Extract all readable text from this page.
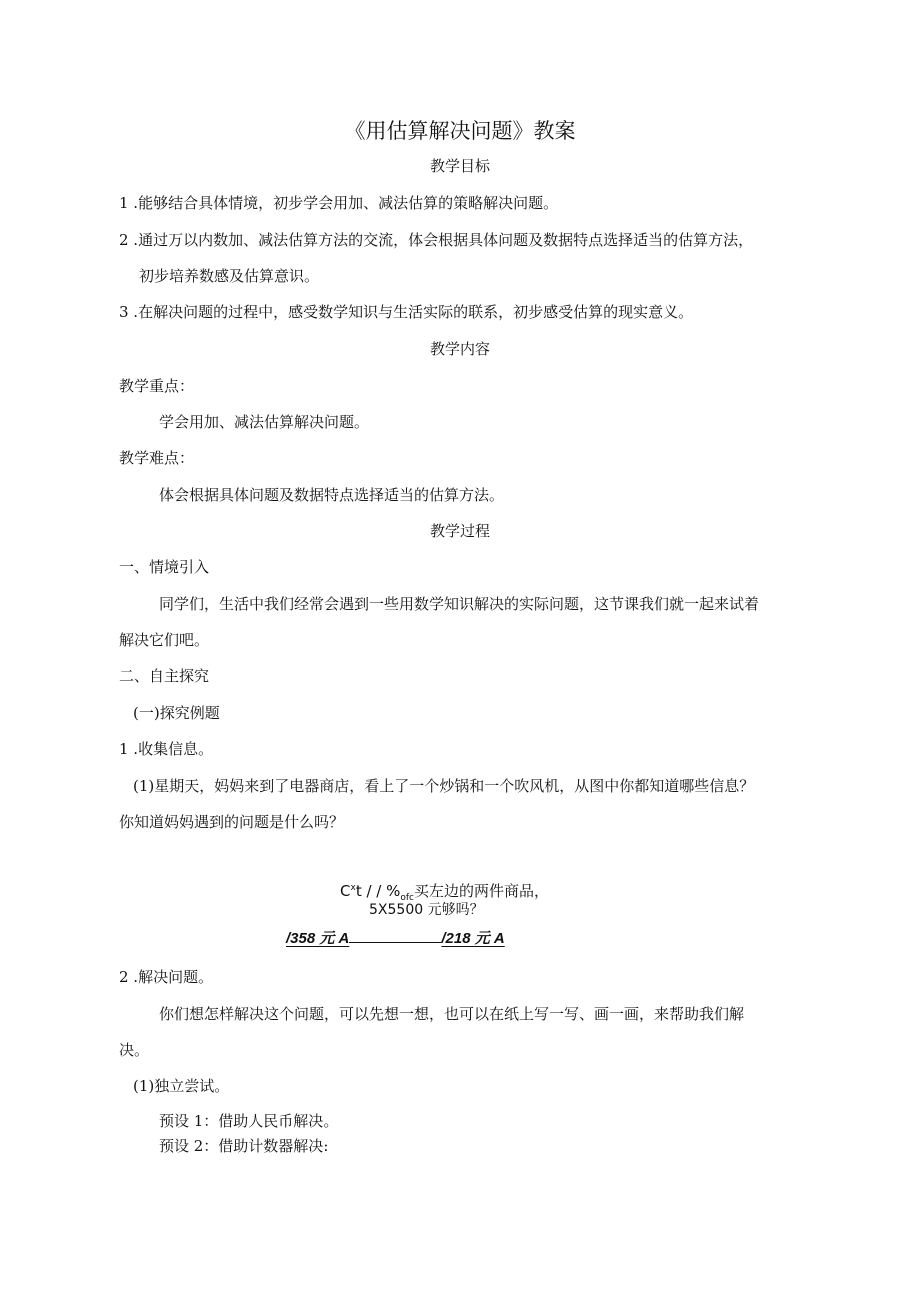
《用估算解决问题》教案
教学目标
1 .能够结合具体情境，初步学会用加、减法估算的策略解决问题。
2 .通过万以内数加、减法估算方法的交流，体会根据具体问题及数据特点选择适当的估算方法，
初步培养数感及估算意识。
3 .在解决问题的过程中，感受数学知识与生活实际的联系，初步感受估算的现实意义。
教学内容
教学重点：
学会用加、减法估算解决问题。
教学难点：
体会根据具体问题及数据特点选择适当的估算方法。
教学过程
一、情境引入
同学们，生活中我们经常会遇到一些用数学知识解决的实际问题，这节课我们就一起来试着
解决它们吧。
二、自主探究
(一)探究例题
1 .收集信息。
(1)星期天，妈妈来到了电器商店，看上了一个炒锅和一个吹风机，从图中你都知道哪些信息？
你知道妈妈遇到的问题是什么吗？
$C^xt$ / / $\%_{ofc}$买左边的两件商品，
5X5500 元够吗？
/358 元 A	/218 元 A
2 .解决问题。
你们想怎样解决这个问题，可以先想一想，也可以在纸上写一写、画一画，来帮助我们解
决。
(1)独立尝试。
预设 1：借助人民币解决。
预设 2：借助计数器解决:
